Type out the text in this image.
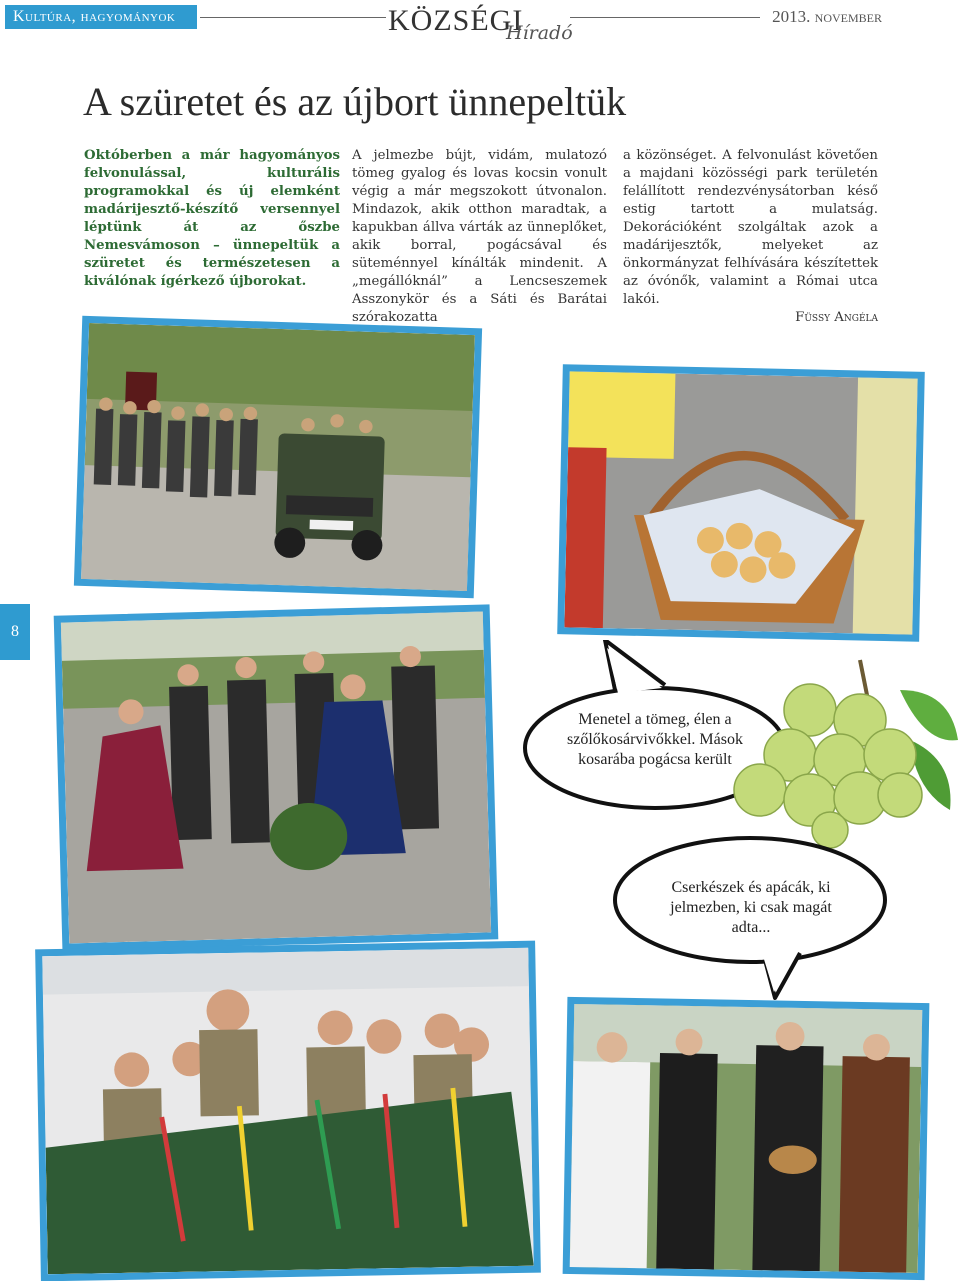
Kultúra, hagyományok	KÖZSÉGI
Híradó
2013. november
A szüretet és az újbort ünnepeltük
Októberben a már hagyományos felvonulással, kulturális programokkal és új elemként madárijesztő-készítő versennyel léptünk át az őszbe Nemesvámoson – ünnepeltük a szüretet és természetesen a kiválónak ígérkező újborokat.
A jelmezbe bújt, vidám, mulatozó tömeg gyalog és lovas kocsin vonult végig a már megszokott útvonalon. Mindazok, akik otthon maradtak, a kapukban állva várták az ünneplőket, akik borral, pogácsával és süteménnyel kínálták mindenit. A „megállóknál” a Lencseszemek Asszonykör és a Sáti és Barátai szórakozatta
a közönséget. A felvonulást követően a majdani közösségi park területén felállított rendezvénysátorban késő estig tartott a mulatság. Dekorációként szolgáltak azok a madárijesztők, melyeket az önkormányzat felhívására készítettek az óvónők, valamint a Római utca lakói.
Füssy Angéla
8
Menetel a tömeg, élen a szőlőkosárvivőkkel. Mások kosarába pogácsa került
Cserkészek és apácák, ki jelmezben, ki csak magát adta...
